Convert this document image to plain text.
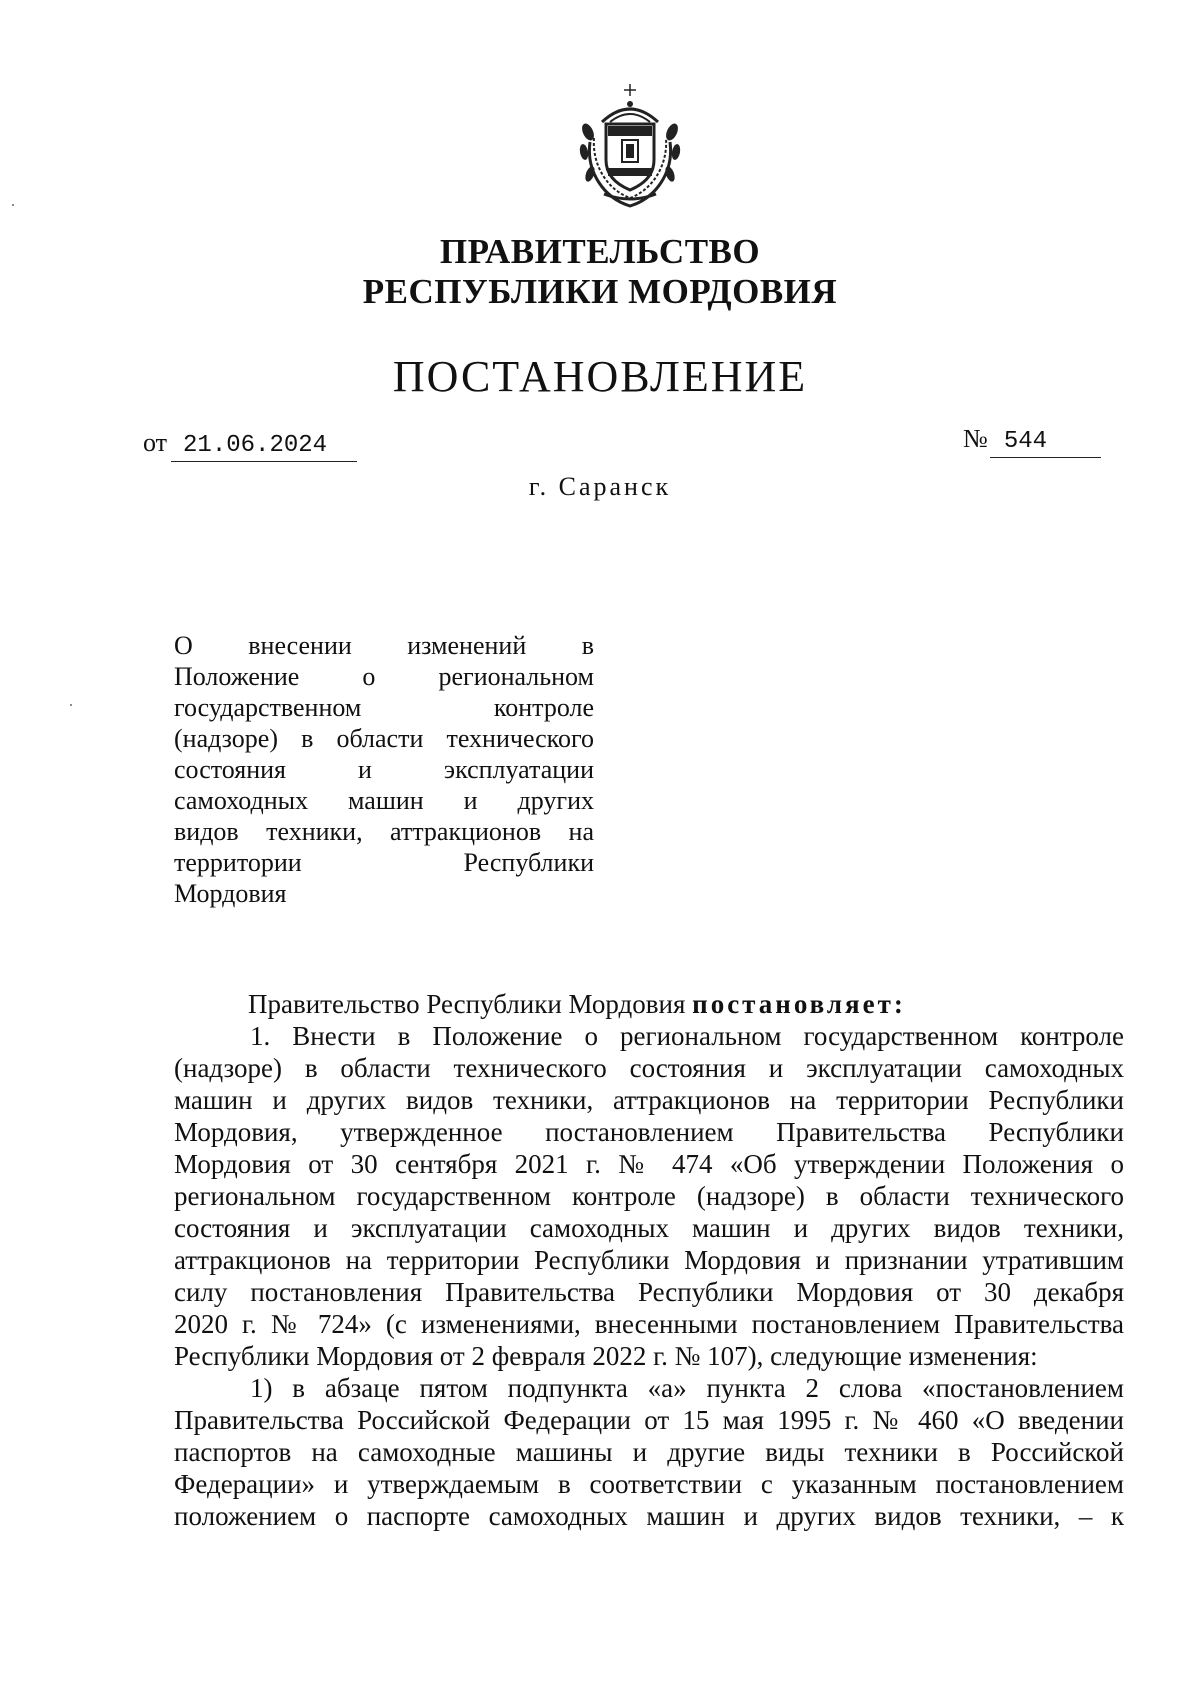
ПРАВИТЕЛЬСТВО
РЕСПУБЛИКИ МОРДОВИЯ
ПОСТАНОВЛЕНИЕ
от 21.06.2024	№ 544
г. Саранск
О внесении изменений в
Положение о региональном
государственном контроле
(надзоре) в области технического
состояния и эксплуатации
самоходных машин и других
видов техники, аттракционов на
территории Республики
Мордовия
Правительство Республики Мордовия постановляет:
1. Внести в Положение о региональном государственном контроле
(надзоре) в области технического состояния и эксплуатации самоходных
машин и других видов техники, аттракционов на территории Республики
Мордовия, утвержденное постановлением Правительства Республики
Мордовия от 30 сентября 2021 г. № 474 «Об утверждении Положения о
региональном государственном контроле (надзоре) в области технического
состояния и эксплуатации самоходных машин и других видов техники,
аттракционов на территории Республики Мордовия и признании утратившим
силу постановления Правительства Республики Мордовия от 30 декабря
2020 г. № 724» (с изменениями, внесенными постановлением Правительства
Республики Мордовия от 2 февраля 2022 г. № 107), следующие изменения:
1) в абзаце пятом подпункта «а» пункта 2 слова «постановлением
Правительства Российской Федерации от 15 мая 1995 г. № 460 «О введении
паспортов на самоходные машины и другие виды техники в Российской
Федерации» и утверждаемым в соответствии с указанным постановлением
положением о паспорте самоходных машин и других видов техники, – к
